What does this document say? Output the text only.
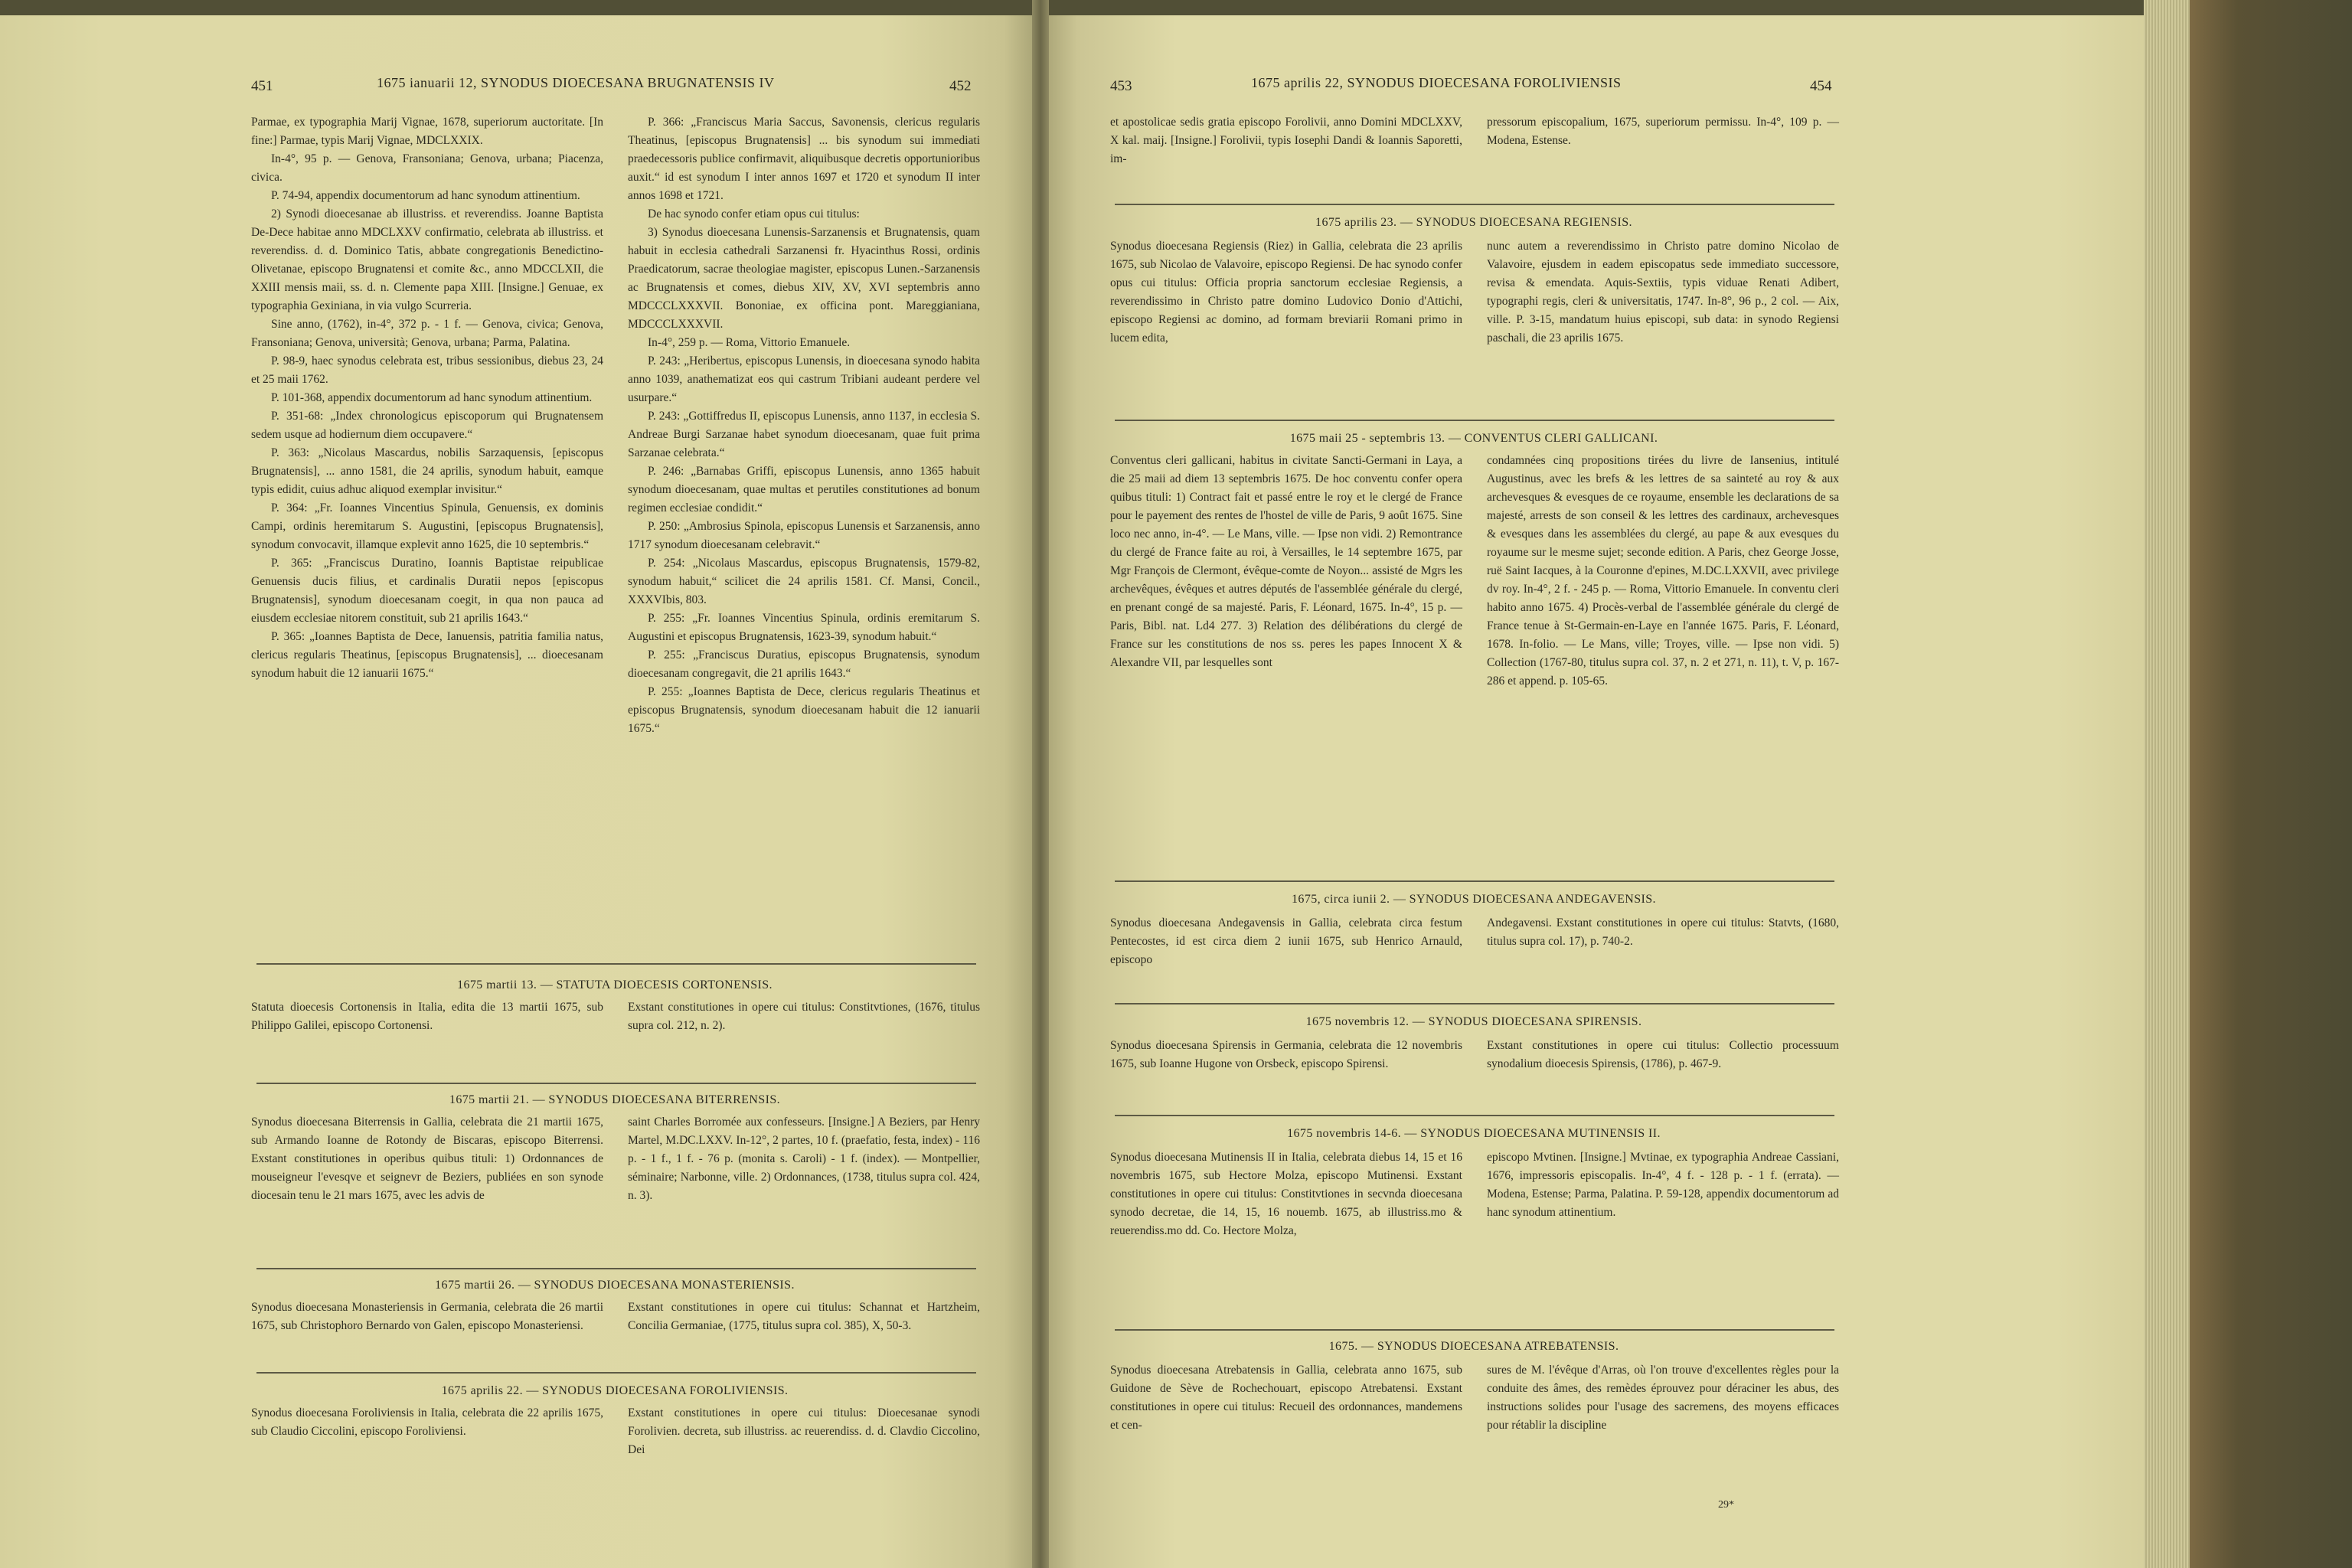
451	1675 ianuarii 12, SYNODUS DIOECESANA BRUGNATENSIS IV	452

Parmae, ex typographia Marij Vignae, 1678, superiorum auctoritate. [In fine:] Parmae, typis Marij Vignae, MDCLXXIX.

In-4°, 95 p. — Genova, Fransoniana; Genova, urbana; Piacenza, civica.

P. 74-94, appendix documentorum ad hanc synodum attinentium.

2) Synodi dioecesanae ab illustriss. et reverendiss. Joanne Baptista De-Dece habitae anno MDCLXXV confirmatio, celebrata ab illustriss. et reverendiss. d. d. Dominico Tatis, abbate congregationis Benedictino-Olivetanae, episcopo Brugnatensi et comite &c., anno MDCCLXII, die XXIII mensis maii, ss. d. n. Clemente papa XIII. [Insigne.] Genuae, ex typographia Gexiniana, in via vulgo Scurreria.

Sine anno, (1762), in-4°, 372 p. - 1 f. — Genova, civica; Genova, Fransoniana; Genova, università; Genova, urbana; Parma, Palatina.

P. 98-9, haec synodus celebrata est, tribus sessionibus, diebus 23, 24 et 25 maii 1762.

P. 101-368, appendix documentorum ad hanc synodum attinentium.

P. 351-68: „Index chronologicus episcoporum qui Brugnatensem sedem usque ad hodiernum diem occupavere.“

P. 363: „Nicolaus Mascardus, nobilis Sarzaquensis, [episcopus Brugnatensis], ... anno 1581, die 24 aprilis, synodum habuit, eamque typis edidit, cuius adhuc aliquod exemplar invisitur.“

P. 364: „Fr. Ioannes Vincentius Spinula, Genuensis, ex dominis Campi, ordinis heremitarum S. Augustini, [episcopus Brugnatensis], synodum convocavit, illamque explevit anno 1625, die 10 septembris.“

P. 365: „Franciscus Duratino, Ioannis Baptistae reipublicae Genuensis ducis filius, et cardinalis Duratii nepos [episcopus Brugnatensis], synodum dioecesanam coegit, in qua non pauca ad eiusdem ecclesiae nitorem constituit, sub 21 aprilis 1643.“

P. 365: „Ioannes Baptista de Dece, Ianuensis, patritia familia natus, clericus regularis Theatinus, [episcopus Brugnatensis], ... dioecesanam synodum habuit die 12 ianuarii 1675.“

P. 366: „Franciscus Maria Saccus, Savonensis, clericus regularis Theatinus, [episcopus Brugnatensis] ... bis synodum sui immediati praedecessoris publice confirmavit, aliquibusque decretis opportunioribus auxit.“ id est synodum I inter annos 1697 et 1720 et synodum II inter annos 1698 et 1721.

De hac synodo confer etiam opus cui titulus:

3) Synodus dioecesana Lunensis-Sarzanensis et Brugnatensis, quam habuit in ecclesia cathedrali Sarzanensi fr. Hyacinthus Rossi, ordinis Praedicatorum, sacrae theologiae magister, episcopus Lunen.-Sarzanensis ac Brugnatensis et comes, diebus XIV, XV, XVI septembris anno MDCCCLXXXVII. Bononiae, ex officina pont. Mareggianiana, MDCCCLXXXVII.

In-4°, 259 p. — Roma, Vittorio Emanuele.

P. 243: „Heribertus, episcopus Lunensis, in dioecesana synodo habita anno 1039, anathematizat eos qui castrum Tribiani audeant perdere vel usurpare.“

P. 243: „Gottiffredus II, episcopus Lunensis, anno 1137, in ecclesia S. Andreae Burgi Sarzanae habet synodum dioecesanam, quae fuit prima Sarzanae celebrata.“

P. 246: „Barnabas Griffi, episcopus Lunensis, anno 1365 habuit synodum dioecesanam, quae multas et perutiles constitutiones ad bonum regimen ecclesiae condidit.“

P. 250: „Ambrosius Spinola, episcopus Lunensis et Sarzanensis, anno 1717 synodum dioecesanam celebravit.“

P. 254: „Nicolaus Mascardus, episcopus Brugnatensis, 1579-82, synodum habuit,“ scilicet die 24 aprilis 1581. Cf. Mansi, Concil., XXXVIbis, 803.

P. 255: „Fr. Ioannes Vincentius Spinula, ordinis eremitarum S. Augustini et episcopus Brugnatensis, 1623-39, synodum habuit.“

P. 255: „Franciscus Duratius, episcopus Brugnatensis, synodum dioecesanam congregavit, die 21 aprilis 1643.“

P. 255: „Ioannes Baptista de Dece, clericus regularis Theatinus et episcopus Brugnatensis, synodum dioecesanam habuit die 12 ianuarii 1675.“

1675 martii 13. — STATUTA DIOECESIS CORTONENSIS.
Statuta dioecesis Cortonensis in Italia, edita die 13 martii 1675, sub Philippo Galilei, episcopo Cortonensi.
Exstant constitutiones in opere cui titulus: Constitvtiones, (1676, titulus supra col. 212, n. 2).
1675 martii 21. — SYNODUS DIOECESANA BITERRENSIS.
Synodus dioecesana Biterrensis in Gallia, celebrata die 21 martii 1675, sub Armando Ioanne de Rotondy de Biscaras, episcopo Biterrensi. Exstant constitutiones in operibus quibus tituli: 1) Ordonnances de mouseigneur l'evesqve et seignevr de Beziers, publiées en son synode diocesain tenu le 21 mars 1675, avec les advis de
saint Charles Borromée aux confesseurs. [Insigne.] A Beziers, par Henry Martel, M.DC.LXXV. In-12°, 2 partes, 10 f. (praefatio, festa, index) - 116 p. - 1 f., 1 f. - 76 p. (monita s. Caroli) - 1 f. (index). — Montpellier, séminaire; Narbonne, ville. 2) Ordonnances, (1738, titulus supra col. 424, n. 3).
1675 martii 26. — SYNODUS DIOECESANA MONASTERIENSIS.
Synodus dioecesana Monasteriensis in Germania, celebrata die 26 martii 1675, sub Christophoro Bernardo von Galen, episcopo Monasteriensi.
Exstant constitutiones in opere cui titulus: Schannat et Hartzheim, Concilia Germaniae, (1775, titulus supra col. 385), X, 50-3.
1675 aprilis 22. — SYNODUS DIOECESANA FOROLIVIENSIS.
Synodus dioecesana Foroliviensis in Italia, celebrata die 22 aprilis 1675, sub Claudio Ciccolini, episcopo Foroliviensi.
Exstant constitutiones in opere cui titulus: Dioecesanae synodi Forolivien. decreta, sub illustriss. ac reuerendiss. d. d. Clavdio Ciccolino, Dei
453	1675 aprilis 22, SYNODUS DIOECESANA FOROLIVIENSIS	454
et apostolicae sedis gratia episcopo Forolivii, anno Domini MDCLXXV, X kal. maij. [Insigne.] Forolivii, typis Iosephi Dandi & Ioannis Saporetti, im-
pressorum episcopalium, 1675, superiorum permissu. In-4°, 109 p. — Modena, Estense.
1675 aprilis 23. — SYNODUS DIOECESANA REGIENSIS.
Synodus dioecesana Regiensis (Riez) in Gallia, celebrata die 23 aprilis 1675, sub Nicolao de Valavoire, episcopo Regiensi. De hac synodo confer opus cui titulus: Officia propria sanctorum ecclesiae Regiensis, a reverendissimo in Christo patre domino Ludovico Donio d'Attichi, episcopo Regiensi ac domino, ad formam breviarii Romani primo in lucem edita,
nunc autem a reverendissimo in Christo patre domino Nicolao de Valavoire, ejusdem in eadem episcopatus sede immediato successore, revisa & emendata. Aquis-Sextiis, typis viduae Renati Adibert, typographi regis, cleri & universitatis, 1747. In-8°, 96 p., 2 col. — Aix, ville. P. 3-15, mandatum huius episcopi, sub data: in synodo Regiensi paschali, die 23 aprilis 1675.
1675 maii 25 - septembris 13. — CONVENTUS CLERI GALLICANI.
Conventus cleri gallicani, habitus in civitate Sancti-Germani in Laya, a die 25 maii ad diem 13 septembris 1675. De hoc conventu confer opera quibus tituli: 1) Contract fait et passé entre le roy et le clergé de France pour le payement des rentes de l'hostel de ville de Paris, 9 août 1675. Sine loco nec anno, in-4°. — Le Mans, ville. — Ipse non vidi. 2) Remontrance du clergé de France faite au roi, à Versailles, le 14 septembre 1675, par Mgr François de Clermont, évêque-comte de Noyon... assisté de Mgrs les archevêques, évêques et autres députés de l'assemblée générale du clergé, en prenant congé de sa majesté. Paris, F. Léonard, 1675. In-4°, 15 p. — Paris, Bibl. nat. Ld4 277. 3) Relation des délibérations du clergé de France sur les constitutions de nos ss. peres les papes Innocent X & Alexandre VII, par lesquelles sont
condamnées cinq propositions tirées du livre de Iansenius, intitulé Augustinus, avec les brefs & les lettres de sa sainteté au roy & aux archevesques & evesques de ce royaume, ensemble les declarations de sa majesté, arrests de son conseil & les lettres des cardinaux, archevesques & evesques dans les assemblées du clergé, au pape & aux evesques du royaume sur le mesme sujet; seconde edition. A Paris, chez George Josse, ruë Saint Iacques, à la Couronne d'epines, M.DC.LXXVII, avec privilege dv roy. In-4°, 2 f. - 245 p. — Roma, Vittorio Emanuele. In conventu cleri habito anno 1675. 4) Procès-verbal de l'assemblée générale du clergé de France tenue à St-Germain-en-Laye en l'année 1675. Paris, F. Léonard, 1678. In-folio. — Le Mans, ville; Troyes, ville. — Ipse non vidi. 5) Collection (1767-80, titulus supra col. 37, n. 2 et 271, n. 11), t. V, p. 167-286 et append. p. 105-65.
1675, circa iunii 2. — SYNODUS DIOECESANA ANDEGAVENSIS.
Synodus dioecesana Andegavensis in Gallia, celebrata circa festum Pentecostes, id est circa diem 2 iunii 1675, sub Henrico Arnauld, episcopo
Andegavensi. Exstant constitutiones in opere cui titulus: Statvts, (1680, titulus supra col. 17), p. 740-2.
1675 novembris 12. — SYNODUS DIOECESANA SPIRENSIS.
Synodus dioecesana Spirensis in Germania, celebrata die 12 novembris 1675, sub Ioanne Hugone von Orsbeck, episcopo Spirensi.
Exstant constitutiones in opere cui titulus: Collectio processuum synodalium dioecesis Spirensis, (1786), p. 467-9.
1675 novembris 14-6. — SYNODUS DIOECESANA MUTINENSIS II.
Synodus dioecesana Mutinensis II in Italia, celebrata diebus 14, 15 et 16 novembris 1675, sub Hectore Molza, episcopo Mutinensi. Exstant constitutiones in opere cui titulus: Constitvtiones in secvnda dioecesana synodo decretae, die 14, 15, 16 nouemb. 1675, ab illustriss.mo & reuerendiss.mo dd. Co. Hectore Molza,
episcopo Mvtinen. [Insigne.] Mvtinae, ex typographia Andreae Cassiani, 1676, impressoris episcopalis. In-4°, 4 f. - 128 p. - 1 f. (errata). — Modena, Estense; Parma, Palatina. P. 59-128, appendix documentorum ad hanc synodum attinentium.
1675. — SYNODUS DIOECESANA ATREBATENSIS.
Synodus dioecesana Atrebatensis in Gallia, celebrata anno 1675, sub Guidone de Sève de Rochechouart, episcopo Atrebatensi. Exstant constitutiones in opere cui titulus: Recueil des ordonnances, mandemens et cen-
sures de M. l'évêque d'Arras, où l'on trouve d'excellentes règles pour la conduite des âmes, des remèdes éprouvez pour déraciner les abus, des instructions solides pour l'usage des sacremens, des moyens efficaces pour rétablir la discipline
29*
